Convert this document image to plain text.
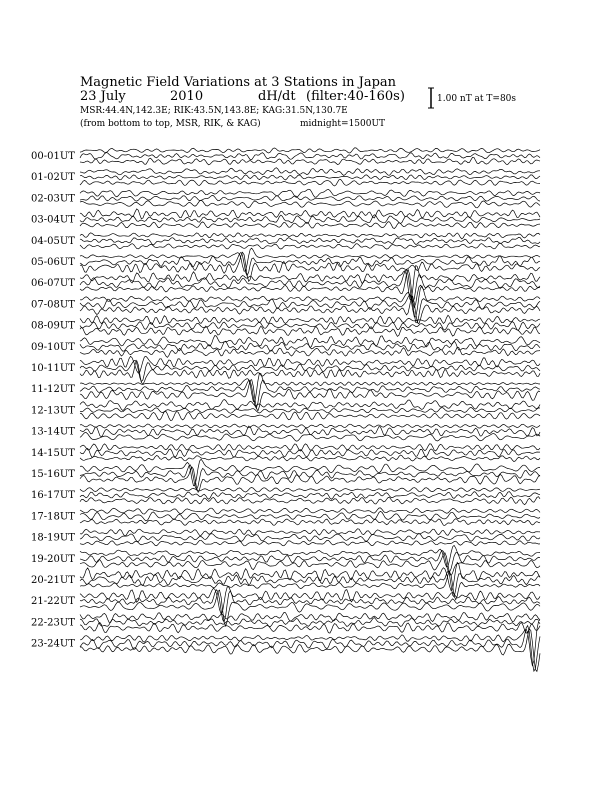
Magnetic Field Variations at 3 Stations in Japan
23 July	2010	dH/dt (filter:40-160s)
MSR:44.4N,142.3E; RIK:43.5N,143.8E; KAG:31.5N,130.7E
(from bottom to top, MSR, RIK, & KAG)	midnight=1500UT
1.00 nT at T=80s
00-01UT
01-02UT
02-03UT
03-04UT
04-05UT
05-06UT
06-07UT
07-08UT
08-09UT
09-10UT
10-11UT
11-12UT
12-13UT
13-14UT
14-15UT
15-16UT
16-17UT
17-18UT
18-19UT
19-20UT
20-21UT
21-22UT
22-23UT
23-24UT
